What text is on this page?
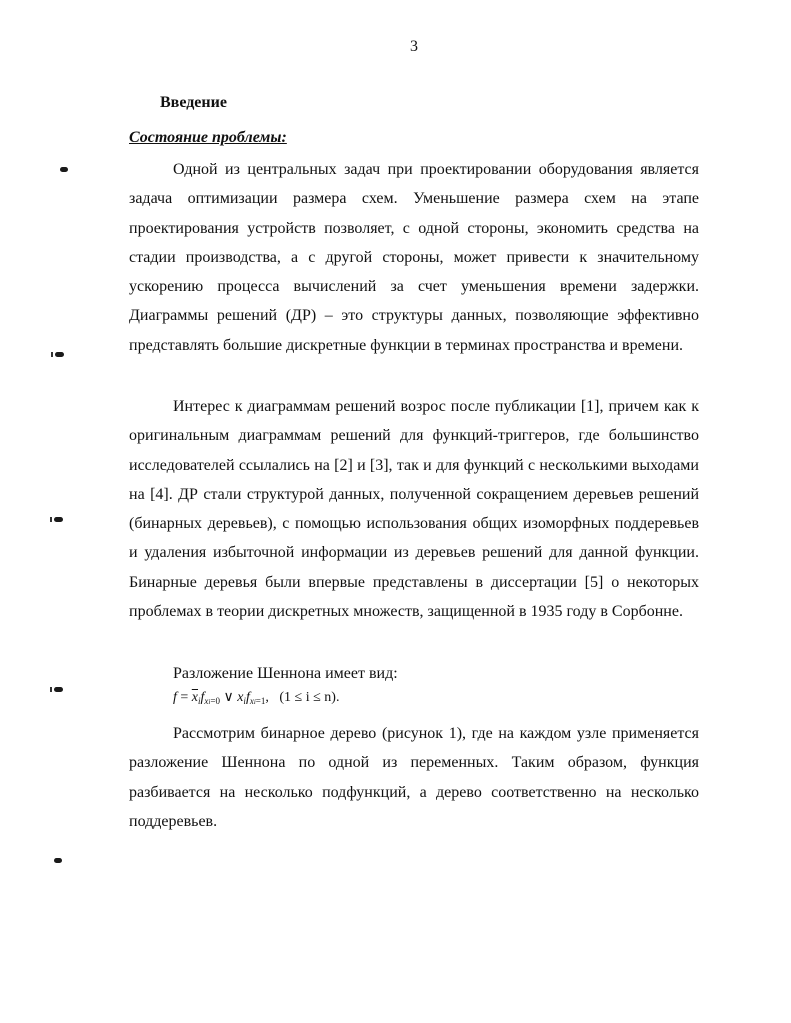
3
Введение
Состояние проблемы:
Одной из центральных задач при проектировании оборудования является задача оптимизации размера схем. Уменьшение размера схем на этапе проектирования устройств позволяет, с одной стороны, экономить средства на стадии производства, а с другой стороны, может привести к значительному ускорению процесса вычислений за счет уменьшения времени задержки. Диаграммы решений (ДР) – это структуры данных, позволяющие эффективно представлять большие дискретные функции в терминах пространства и времени.
Интерес к диаграммам решений возрос после публикации [1], причем как к оригинальным диаграммам решений для функций-триггеров, где большинство исследователей ссылались на [2] и [3], так и для функций с несколькими выходами на [4]. ДР стали структурой данных, полученной сокращением деревьев решений (бинарных деревьев), с помощью использования общих изоморфных поддеревьев и удаления избыточной информации из деревьев решений для данной функции. Бинарные деревья были впервые представлены в диссертации [5] о некоторых проблемах в теории дискретных множеств, защищенной в 1935 году в Сорбонне.
Разложение Шеннона имеет вид:
$f = \overline{x}_if_{xi=0}$ ∨ $x_if_{xi=1}$, (1 ≤ i ≤ n).
Рассмотрим бинарное дерево (рисунок 1), где на каждом узле применяется разложение Шеннона по одной из переменных. Таким образом, функция разбивается на несколько подфункций, а дерево соответственно на несколько поддеревьев.
